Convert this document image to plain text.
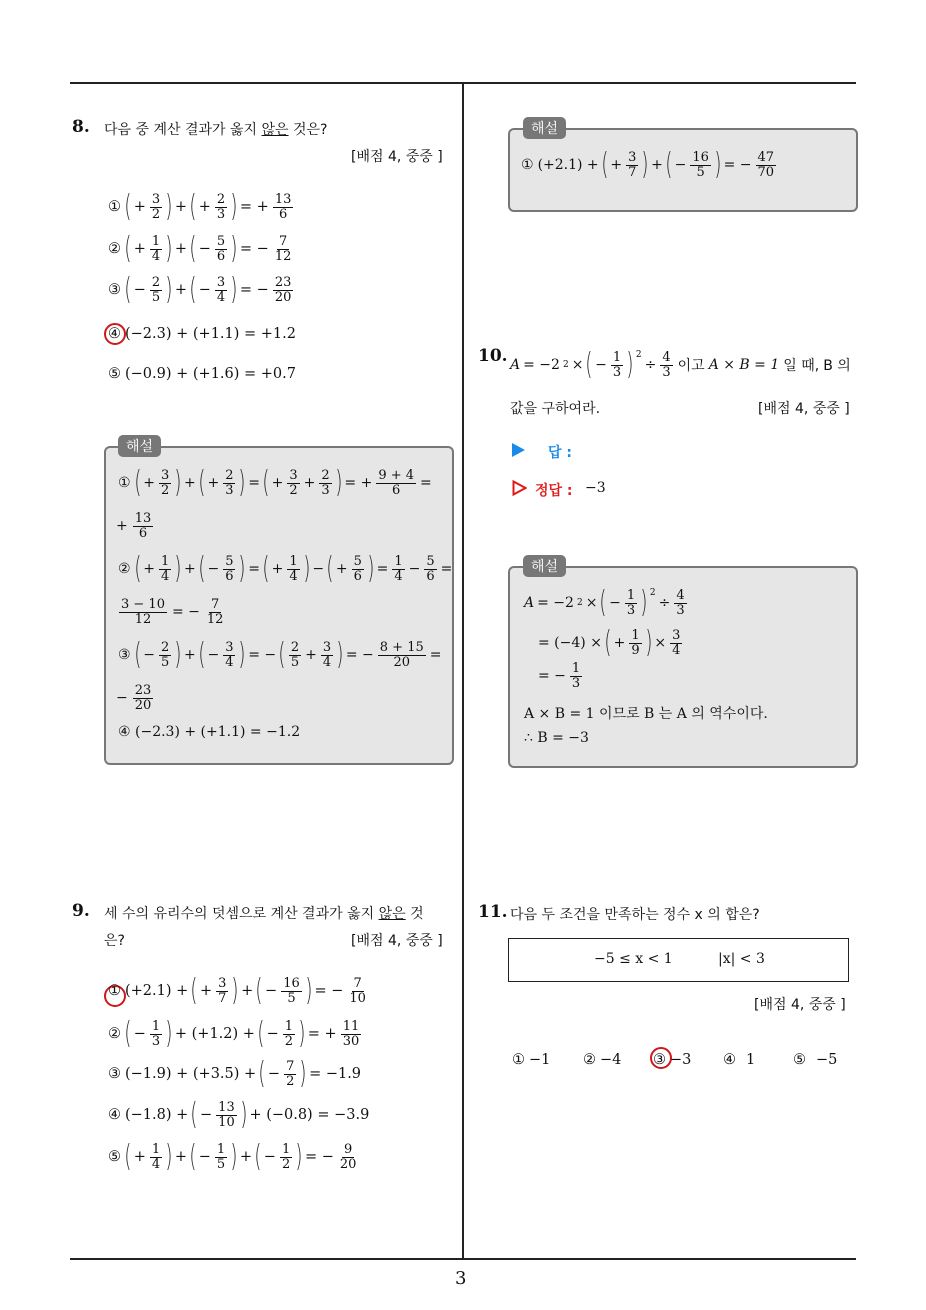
3
8. 다음 중 계산 결과가 옳지 않은 것은?
[배점 4, 중중 ]
① ( + $\frac{3}{2}$ ) + ( + $\frac{2}{3}$ ) = + $\frac{13}{6}$
② ( + $\frac{1}{4}$ ) + ( − $\frac{5}{6}$ ) = − $\frac{7}{12}$
③ ( − $\frac{2}{5}$ ) + ( − $\frac{3}{4}$ ) = − $\frac{23}{20}$
④ (−2.3) + (+1.1) = +1.2
⑤ (−0.9) + (+1.6) = +0.7
해설
① ( + $\frac{3}{2}$ ) + ( + $\frac{2}{3}$ ) = ( + $\frac{3}{2} + \frac{2}{3}$ ) = + $\frac{9 + 4}{6}$ =
+ $\frac{13}{6}$
② ( + $\frac{1}{4}$ ) + ( − $\frac{5}{6}$ ) = ( + $\frac{1}{4}$ ) − ( + $\frac{5}{6}$ ) = $\frac{1}{4} - \frac{5}{6}$ =
$\frac{3 - 10}{12}$ = − $\frac{7}{12}$
③ ( − $\frac{2}{5}$ ) + ( − $\frac{3}{4}$ ) = − ( $\frac{2}{5} + \frac{3}{4}$ ) = − $\frac{8 + 15}{20}$ =
− $\frac{23}{20}$
④ (−2.3) + (+1.1) = −1.2
9. 세 수의 유리수의 덧셈으로 계산 결과가 옳지 않은 것
은?	[배점 4, 중중 ]
① (+2.1) + ( + $\frac{3}{7}$ ) + ( − $\frac{16}{5}$ ) = − $\frac{7}{10}$
② ( − $\frac{1}{3}$ ) + (+1.2) + ( − $\frac{1}{2}$ ) = + $\frac{11}{30}$
③ (−1.9) + (+3.5) + ( − $\frac{7}{2}$ ) = −1.9
④ (−1.8) + ( − $\frac{13}{10}$ ) + (−0.8) = −3.9
⑤ ( + $\frac{1}{4}$ ) + ( − $\frac{1}{5}$ ) + ( − $\frac{1}{2}$ ) = − $\frac{9}{20}$
해설
① (+2.1) + ( + $\frac{3}{7}$ ) + ( − $\frac{16}{5}$ ) = − $\frac{47}{70}$
10. A = −2 2 × ( − $\frac{1}{3}$ ) $^2$
÷ $\frac{4}{3}$ 이고 A × B = 1 일 때, B 의
값을 구하여라.	[배점 4, 중중 ]
답 :
정답 : −3
해설
A = −2 2 × ( − $\frac{1}{3}$ ) $^2$
÷ $\frac{4}{3}$
= (−4) × ( + $\frac{1}{9}$ ) × $\frac{3}{4}$
= − $\frac{1}{3}$
A × B = 1 이므로 B 는 A 의 역수이다.
∴ B = −3
11. 다음 두 조건을 만족하는 정수 x 의 합은?
−5 ≤ x < 1	|x| < 3
[배점 4, 중중 ]
① −1 ② −4 ③ −3 ④ 1	⑤ −5
